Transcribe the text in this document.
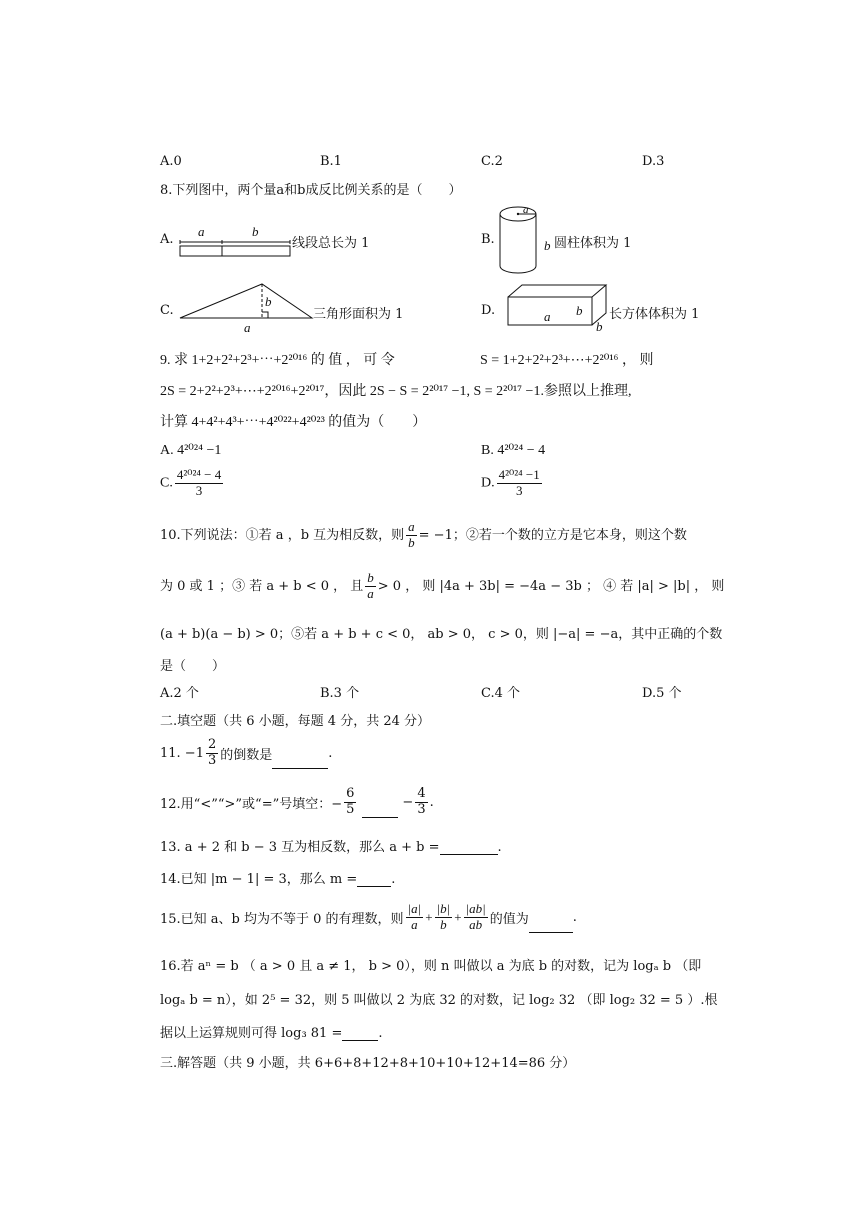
A.0	B.1	C.2	D.3
8.下列图中，两个量a和b成反比例关系的是（　　）
A.
a	b
线段总长为 1	B.
a
b 圆柱体积为 1
C.
b
a
三角形面积为 1	D.	a b
b
长方体体积为 1
9. 求 1+2+2²+2³+⋯+2²⁰¹⁶ 的 值 ， 可 令	S = 1+2+2²+2³+⋯+2²⁰¹⁶ ， 则
2S = 2+2²+2³+⋯+2²⁰¹⁶+2²⁰¹⁷，因此 2S − S = 2²⁰¹⁷ −1, S = 2²⁰¹⁷ −1.参照以上推理,
计算 4+4²+4³+⋯+4²⁰²²+4²⁰²³ 的值为（　　）
A. 4²⁰²⁴ −1	B. 4²⁰²⁴ − 4
C. $\frac{\text{4²⁰²⁴ − 4}}{3}$	D. $\frac{\text{4²⁰²⁴ −1}}{3}$
10.下列说法：①若 a ，b 互为相反数，则 $\frac{a}{b} = -1$；②若一个数的立方是它本身，则这个数
为 0 或 1 ；③ 若 a + b < 0 ， 且 $\frac{b}{a} > 0$ ， 则 |4a + 3b| = −4a − 3b ； ④ 若 |a| > |b| ， 则
(a + b)(a − b) > 0；⑤若 a + b + c < 0， ab > 0， c > 0，则 |−a| = −a，其中正确的个数
是（　　）
A.2 个	B.3 个	C.4 个	D.5 个
二.填空题（共 6 小题，每题 4 分，共 24 分）
11. $-1 \frac{2}{3}$ 的倒数是	.
12.用“<”“>”或“=”号填空：− $\frac{6}{5}$	− $\frac{4}{3}$ .
13. a + 2 和 b − 3 互为相反数，那么 a + b =	.
14.已知 |m − 1| = 3，那么 m =	.
15.已知 a、b 均为不等于 0 的有理数，则 $\frac{|a|}{a} + \frac{|b|}{b} + \frac{|ab|}{ab}$ 的值为	.
16.若 aⁿ = b （ a > 0 且 a ≠ 1， b > 0），则 n 叫做以 a 为底 b 的对数，记为 logₐ b （即
logₐ b = n），如 2⁵ = 32，则 5 叫做以 2 为底 32 的对数，记 log₂ 32 （即 log₂ 32 = 5 ）.根
据以上运算规则可得 log₃ 81 =	.
三.解答题（共 9 小题，共 6+6+8+12+8+10+10+12+14=86 分）
